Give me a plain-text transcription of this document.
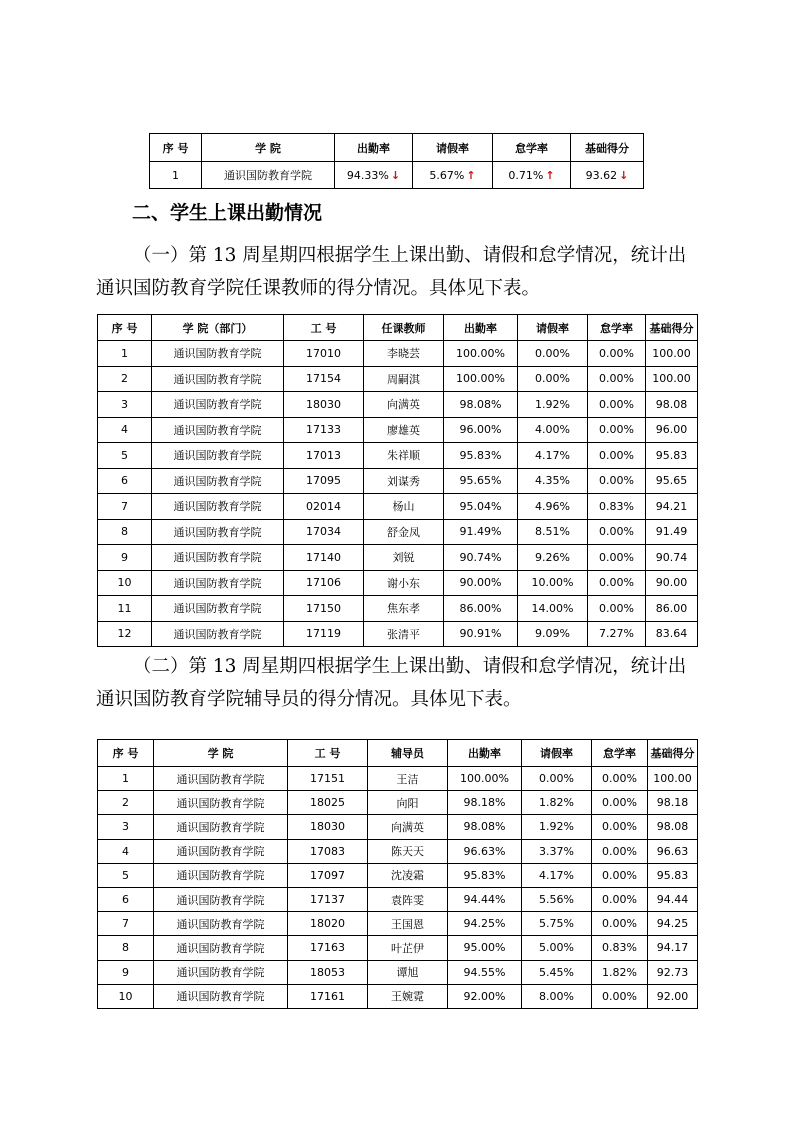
序 号	学 院	出勤率	请假率	怠学率	基础得分
1	通识国防教育学院	94.33% ↓	5.67% ↑	0.71% ↑	93.62 ↓
二、学生上课出勤情况

（一）第 13 周星期四根据学生上课出勤、请假和怠学情况，统计出通识国防教育学院任课教师的得分情况。具体见下表。

序 号	学 院（部门）	工 号	任课教师	出勤率	请假率	怠学率	基础得分
1	通识国防教育学院	17010	李晓芸	100.00%	0.00%	0.00%	100.00
2	通识国防教育学院	17154	周嗣淇	100.00%	0.00%	0.00%	100.00
3	通识国防教育学院	18030	向满英	98.08%	1.92%	0.00%	98.08
4	通识国防教育学院	17133	廖雄英	96.00%	4.00%	0.00%	96.00
5	通识国防教育学院	17013	朱祥顺	95.83%	4.17%	0.00%	95.83
6	通识国防教育学院	17095	刘谋秀	95.65%	4.35%	0.00%	95.65
7	通识国防教育学院	02014	杨山	95.04%	4.96%	0.83%	94.21
8	通识国防教育学院	17034	舒金凤	91.49%	8.51%	0.00%	91.49
9	通识国防教育学院	17140	刘锐	90.74%	9.26%	0.00%	90.74
10	通识国防教育学院	17106	谢小东	90.00%	10.00%	0.00%	90.00
11	通识国防教育学院	17150	焦东孝	86.00%	14.00%	0.00%	86.00
12	通识国防教育学院	17119	张清平	90.91%	9.09%	7.27%	83.64

（二）第 13 周星期四根据学生上课出勤、请假和怠学情况，统计出通识国防教育学院辅导员的得分情况。具体见下表。

序 号	学 院	工 号	辅导员	出勤率	请假率	怠学率	基础得分
1	通识国防教育学院	17151	王洁	100.00%	0.00%	0.00%	100.00
2	通识国防教育学院	18025	向阳	98.18%	1.82%	0.00%	98.18
3	通识国防教育学院	18030	向满英	98.08%	1.92%	0.00%	98.08
4	通识国防教育学院	17083	陈天天	96.63%	3.37%	0.00%	96.63
5	通识国防教育学院	17097	沈凌霜	95.83%	4.17%	0.00%	95.83
6	通识国防教育学院	17137	袁阵雯	94.44%	5.56%	0.00%	94.44
7	通识国防教育学院	18020	王国恩	94.25%	5.75%	0.00%	94.25
8	通识国防教育学院	17163	叶芷伊	95.00%	5.00%	0.83%	94.17
9	通识国防教育学院	18053	谭旭	94.55%	5.45%	1.82%	92.73
10	通识国防教育学院	17161	王婉霓	92.00%	8.00%	0.00%	92.00
